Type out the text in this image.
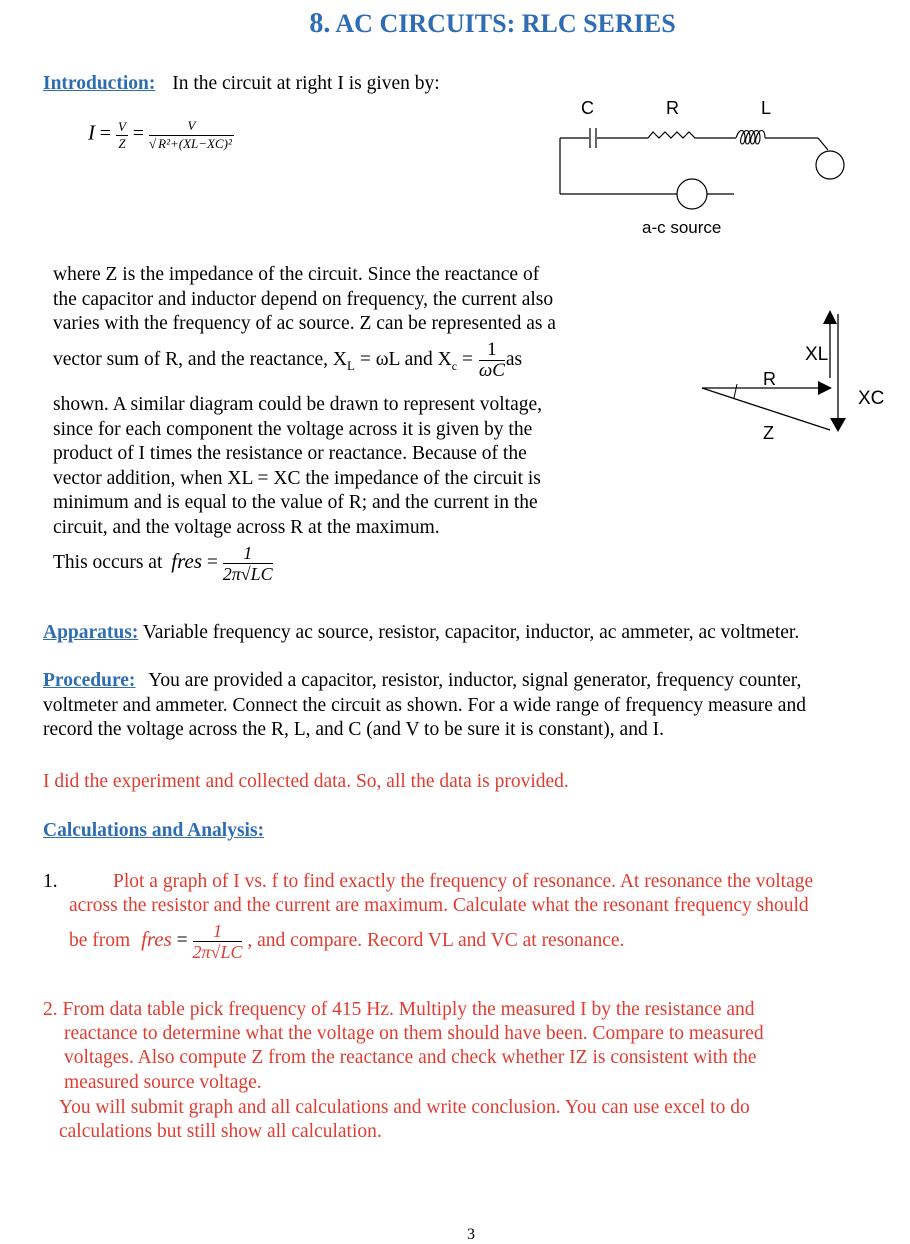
8. AC CIRCUITS: RLC SERIES
Introduction: In the circuit at right I is given by:
$I = \frac{V}{Z} = \frac{V}{\text{√ R²+(XL−XC)²}}$
C	R	L
a-c source
where Z is the impedance of the circuit. Since the reactance of
the capacitor and inductor depend on frequency, the current also
varies with the frequency of ac source. Z can be represented as a
vector sum of R, and the reactance, $X_L = \omega L$ and $X_c = \frac{1}{\omega C}$ as	XL
R
XC
Z
shown. A similar diagram could be drawn to represent voltage,
since for each component the voltage across it is given by the
product of I times the resistance or reactance. Because of the
vector addition, when XL = XC the impedance of the circuit is
minimum and is equal to the value of R; and the current in the
circuit, and the voltage across R at the maximum.
This occurs at fres = $\frac{1}{2\pi√LC}$
Apparatus: Variable frequency ac source, resistor, capacitor, inductor, ac ammeter, ac voltmeter.
Procedure: You are provided a capacitor, resistor, inductor, signal generator, frequency counter,
voltmeter and ammeter. Connect the circuit as shown. For a wide range of frequency measure and
record the voltage across the R, L, and C (and V to be sure it is constant), and I.
I did the experiment and collected data. So, all the data is provided.
Calculations and Analysis:
1.	Plot a graph of I vs. f to find exactly the frequency of resonance. At resonance the voltage
across the resistor and the current are maximum. Calculate what the resonant frequency should
be from fres = $\frac{1}{2\pi√LC}$ , and compare. Record VL and VC at resonance.
2. From data table pick frequency of 415 Hz. Multiply the measured I by the resistance and
reactance to determine what the voltage on them should have been. Compare to measured
voltages. Also compute Z from the reactance and check whether IZ is consistent with the
measured source voltage.
You will submit graph and all calculations and write conclusion. You can use excel to do
calculations but still show all calculation.
3
